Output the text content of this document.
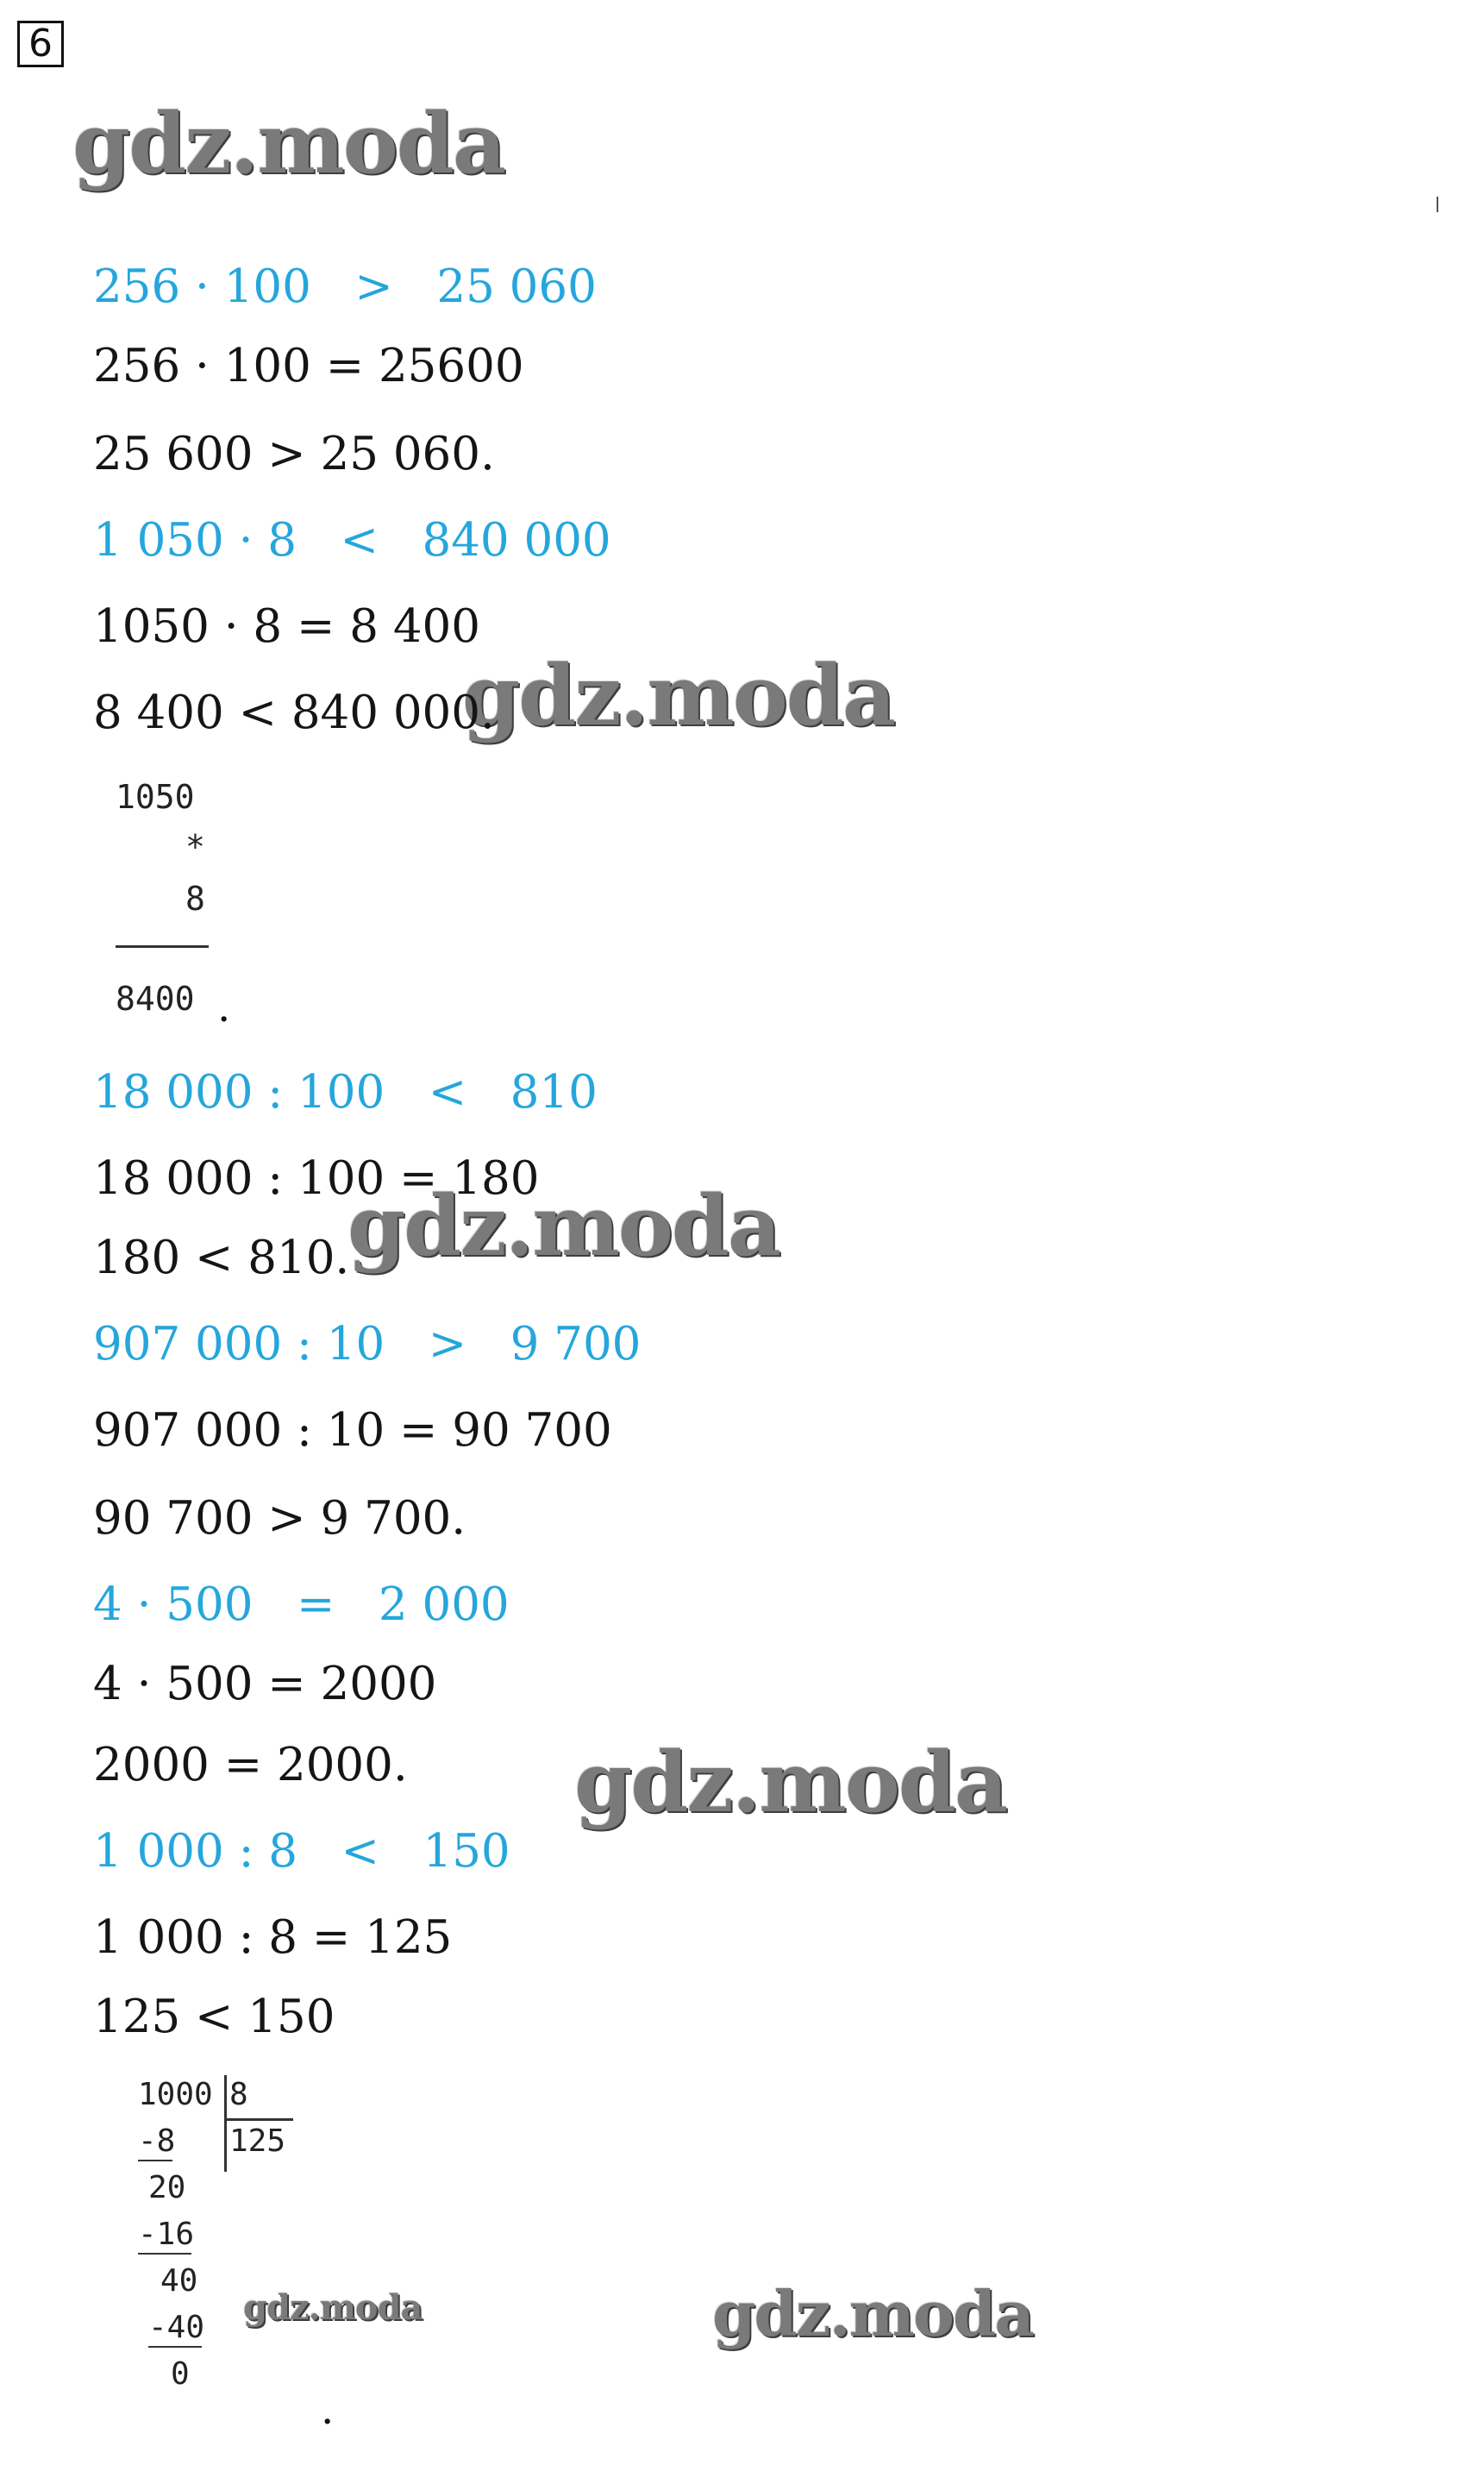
6
gdz.moda
gdz.moda
gdz.moda
gdz.moda
gdz.moda
gdz.moda
256 · 100   >   25 060
256 · 100 = 25600
25 600 > 25 060.
1 050 · 8   <   840 000
1050 · 8 = 8 400
8 400 < 840 000.
1050
*
8
8400 .
18 000 : 100   <   810
18 000 : 100 = 180
180 < 810.
907 000 : 10   >   9 700
907 000 : 10 = 90 700
90 700 > 9 700.
4 · 500   =   2 000
4 · 500 = 2000
2000 = 2000.
1 000 : 8   <   150
1 000 : 8 = 125
125 < 150
1000 8
125
-8
20
-16
40
-40
0
.
